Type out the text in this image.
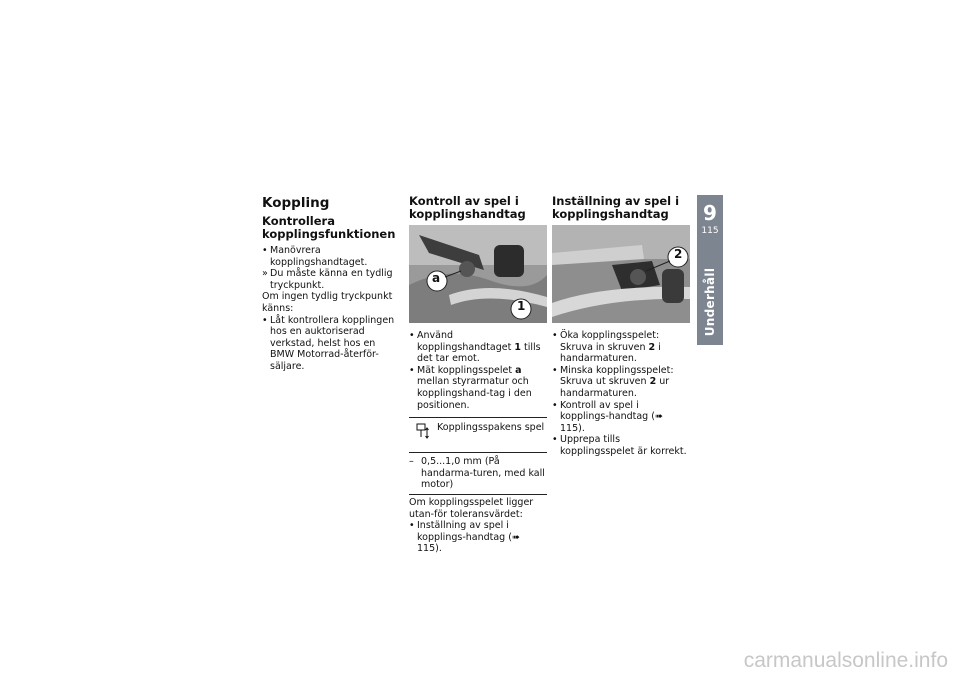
Koppling
Kontrollera kopplingsfunktionen
• Manövrera kopplingshandtaget.
» Du måste känna en tydlig tryckpunkt.

Om ingen tydlig tryckpunkt känns:

• Låt kontrollera kopplingen hos en auktoriserad verkstad, helst hos en BMW Motorrad-återför-säljare.
Kontroll av spel i kopplingshandtag
a
1
• Använd kopplingshandtaget 1 tills det tar emot.
• Mät kopplingsspelet a mellan styrarmatur och kopplingshand-tag i den positionen.
Kopplingsspakens spel
– 0,5...1,0 mm (På handarma-turen, med kall motor)

Om kopplingsspelet ligger utan-för toleransvärdet:

• Inställning av spel i kopplings-handtag (➠ 115).
Inställning av spel i kopplingshandtag
2
• Öka kopplingsspelet: Skruva in skruven 2 i handarmaturen.
• Minska kopplingsspelet: Skruva ut skruven 2 ur handarmaturen.
• Kontroll av spel i kopplings-handtag (➠ 115).
• Upprepa tills kopplingsspelet är korrekt.
9
115
Underhåll
carmanualsonline.info
